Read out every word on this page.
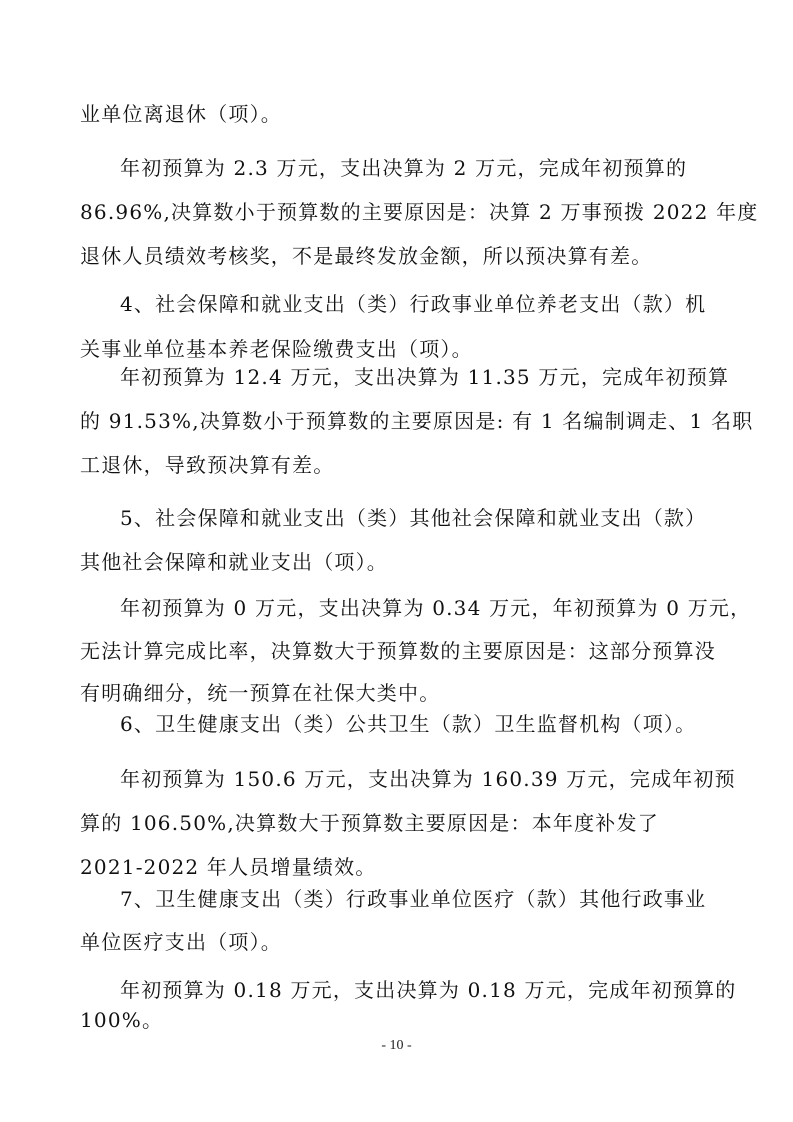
业单位离退休（项）。

年初预算为 2.3 万元，支出决算为 2 万元，完成年初预算的

86.96%,决算数小于预算数的主要原因是：决算 2 万事预拨 2022 年度

退休人员绩效考核奖，不是最终发放金额，所以预决算有差。

4、社会保障和就业支出（类）行政事业单位养老支出（款）机

关事业单位基本养老保险缴费支出（项）。

年初预算为 12.4 万元，支出决算为 11.35 万元，完成年初预算

的 91.53%,决算数小于预算数的主要原因是: 有 1 名编制调走、1 名职

工退休，导致预决算有差。

5、社会保障和就业支出（类）其他社会保障和就业支出（款）

其他社会保障和就业支出（项）。

年初预算为 0 万元，支出决算为 0.34 万元，年初预算为 0 万元，

无法计算完成比率，决算数大于预算数的主要原因是：这部分预算没

有明确细分，统一预算在社保大类中。

6、卫生健康支出（类）公共卫生（款）卫生监督机构（项）。

年初预算为 150.6 万元，支出决算为 160.39 万元，完成年初预

算的 106.50%,决算数大于预算数主要原因是：本年度补发了

2021-2022 年人员增量绩效。

7、卫生健康支出（类）行政事业单位医疗（款）其他行政事业

单位医疗支出（项）。

年初预算为 0.18 万元，支出决算为 0.18 万元，完成年初预算的

100%。

- 10 -
